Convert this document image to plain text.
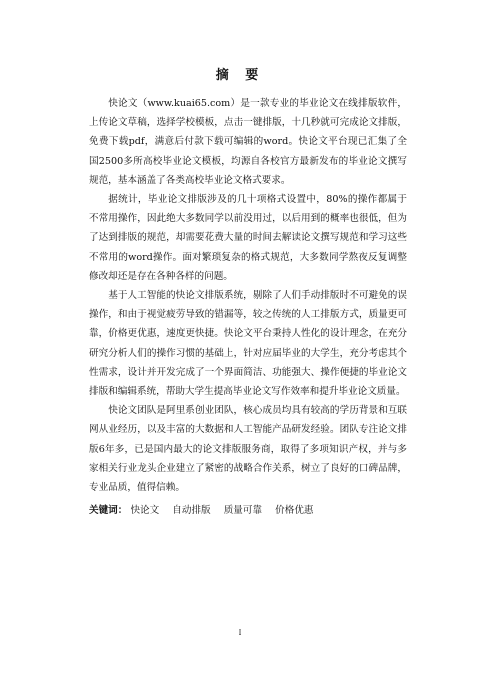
摘 要

快论文（www.kuai65.com）是一款专业的毕业论文在线排版软件，上传论文草稿，选择学校模板，点击一键排版，十几秒就可完成论文排版，免费下载pdf，满意后付款下载可编辑的word。快论文平台现已汇集了全国2500多所高校毕业论文模板，均源自各校官方最新发布的毕业论文撰写规范，基本涵盖了各类高校毕业论文格式要求。

据统计，毕业论文排版涉及的几十项格式设置中，80%的操作都属于不常用操作，因此绝大多数同学以前没用过，以后用到的概率也很低，但为了达到排版的规范，却需要花费大量的时间去解读论文撰写规范和学习这些不常用的word操作。面对繁琐复杂的格式规范，大多数同学熬夜反复调整修改却还是存在各种各样的问题。

基于人工智能的快论文排版系统，剔除了人们手动排版时不可避免的误操作，和由于视觉疲劳导致的错漏等，较之传统的人工排版方式，质量更可靠，价格更优惠，速度更快捷。快论文平台秉持人性化的设计理念，在充分研究分析人们的操作习惯的基础上，针对应届毕业的大学生，充分考虑其个性需求，设计并开发完成了一个界面简洁、功能强大、操作便捷的毕业论文排版和编辑系统，帮助大学生提高毕业论文写作效率和提升毕业论文质量。

快论文团队是阿里系创业团队，核心成员均具有较高的学历背景和互联网从业经历，以及丰富的大数据和人工智能产品研发经验。团队专注论文排版6年多，已是国内最大的论文排版服务商，取得了多项知识产权，并与多家相关行业龙头企业建立了紧密的战略合作关系，树立了良好的口碑品牌，专业品质，值得信赖。

关键词： 快论文 自动排版 质量可靠 价格优惠
I
